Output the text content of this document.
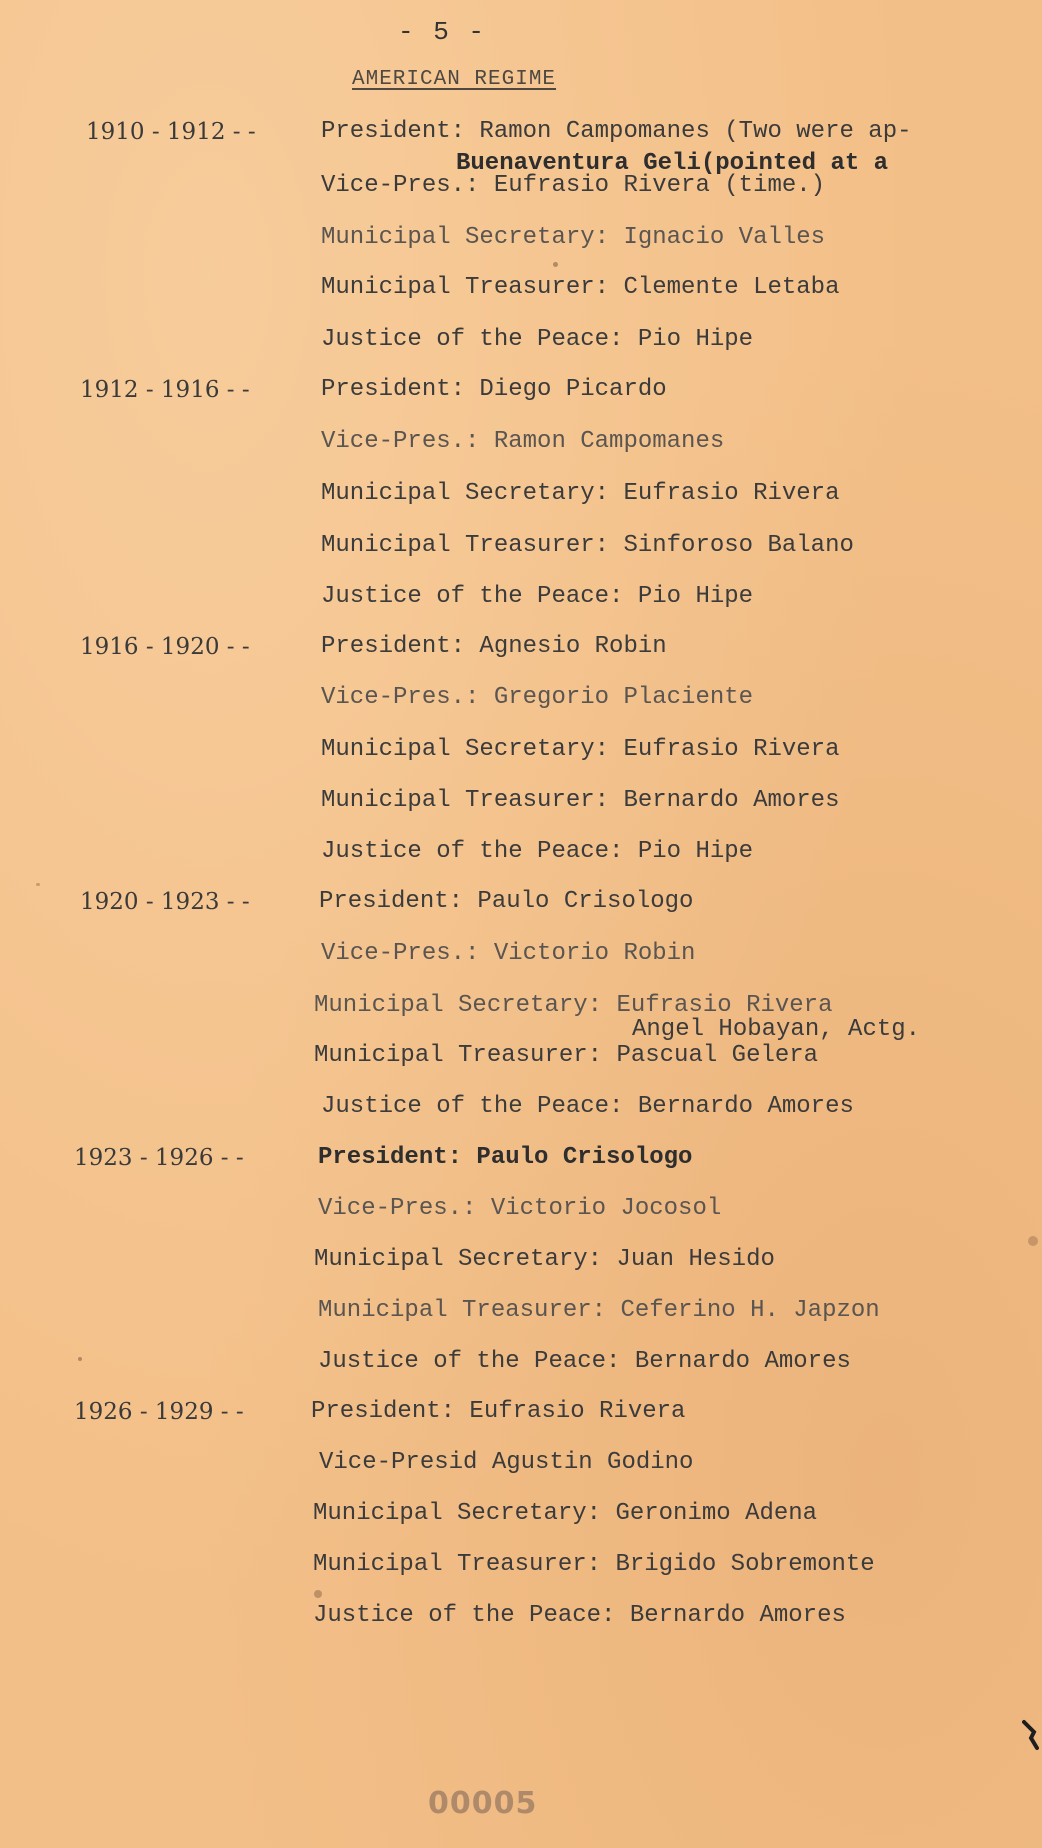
- 5 -
AMERICAN REGIME
1910 - 1912 - -	President: Ramon Campomanes (Two were ap-
Buenaventura Geli(pointed at a
Vice-Pres.: Eufrasio Rivera (time.)
Municipal Secretary: Ignacio Valles
Municipal Treasurer: Clemente Letaba
Justice of the Peace: Pio Hipe
1912 - 1916 - -	President: Diego Picardo
Vice-Pres.: Ramon Campomanes
Municipal Secretary: Eufrasio Rivera
Municipal Treasurer: Sinforoso Balano
Justice of the Peace: Pio Hipe
1916 - 1920 - -	President: Agnesio Robin
Vice-Pres.: Gregorio Placiente
Municipal Secretary: Eufrasio Rivera
Municipal Treasurer: Bernardo Amores
Justice of the Peace: Pio Hipe
1920 - 1923 - -	President: Paulo Crisologo
Vice-Pres.: Victorio Robin
Municipal Secretary: Eufrasio Rivera
Angel Hobayan, Actg.
Municipal Treasurer: Pascual Gelera
Justice of the Peace: Bernardo Amores
1923 - 1926 - -	President: Paulo Crisologo
Vice-Pres.: Victorio Jocosol
Municipal Secretary: Juan Hesido
Municipal Treasurer: Ceferino H. Japzon
Justice of the Peace: Bernardo Amores
1926 - 1929 - -	President: Eufrasio Rivera
Vice-Presid Agustin Godino
Municipal Secretary: Geronimo Adena
Municipal Treasurer: Brigido Sobremonte
Justice of the Peace: Bernardo Amores
00005
